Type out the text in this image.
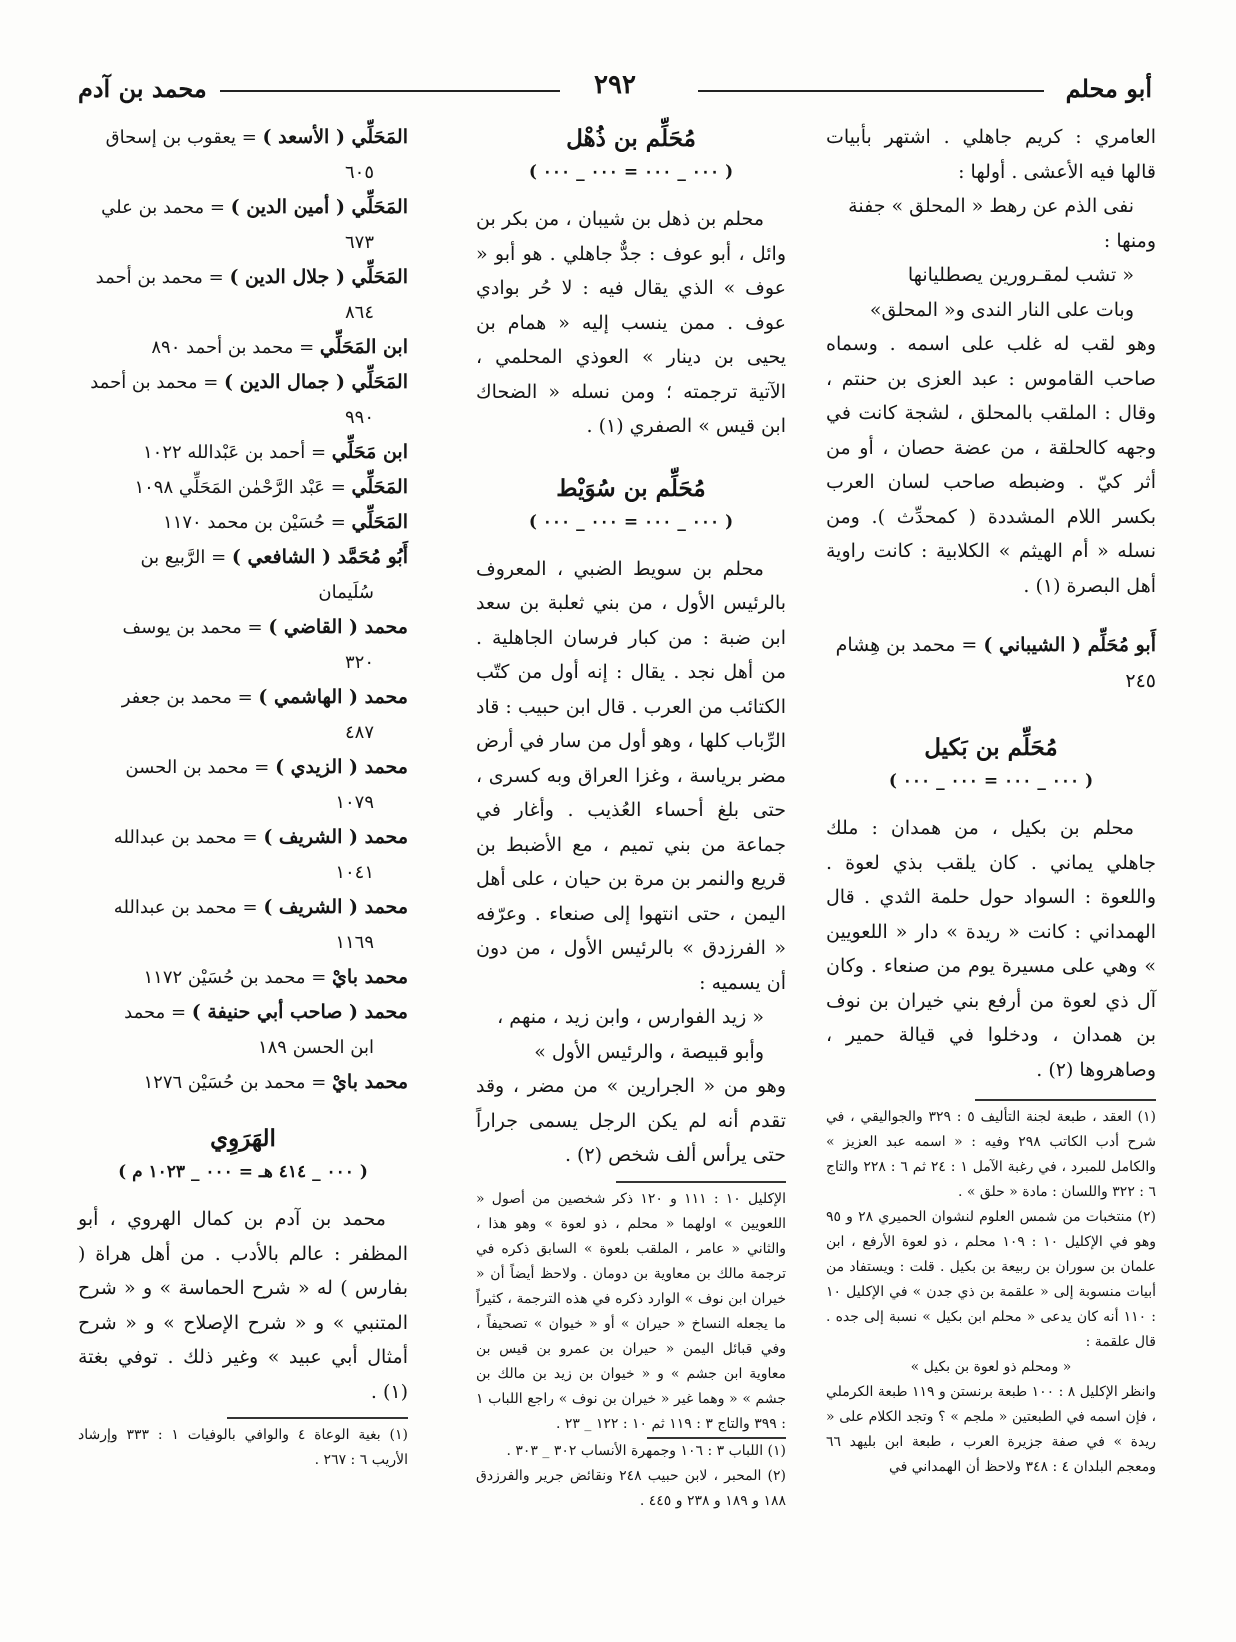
أبو محلم
٢٩٢
محمد بن آدم

العامري : كريم جاهلي . اشتهر بأبيات قالها فيه الأعشى . أولها :

نفى الذم عن رهط « المحلق » جفنة

ومنها :

« تشب لمقـرورين يصطليانها

وبات على النار الندى و« المحلق»

وهو لقب له غلب على اسمه . وسماه صاحب القاموس : عبد العزى بن حنتم ، وقال : الملقب بالمحلق ، لشجة كانت في وجهه كالحلقة ، من عضة حصان ، أو من أثر كيّ . وضبطه صاحب لسان العرب بكسر اللام المشددة ( كمحدِّث ). ومن نسله « أم الهيثم » الكلابية : كانت راوية أهل البصرة (١) .

أَبو مُحَلِّم ( الشيباني ) = محمد بن هِشام ٢٤٥

مُحَلِّم بن بَكيل

( ٠٠٠ _ ٠٠٠ = ٠٠٠ _ ٠٠٠ )

محلم بن بكيل ، من همدان : ملك جاهلي يماني . كان يلقب بذي لعوة . واللعوة : السواد حول حلمة الثدي . قال الهمداني : كانت « ريدة » دار « اللعويين » وهي على مسيرة يوم من صنعاء . وكان آل ذي لعوة من أرفع بني خيران بن نوف بن همدان ، ودخلوا في قيالة حمير ، وصاهروها (٢) .

(١) العقد ، طبعة لجنة التأليف ٥ : ٣٢٩ والجواليقي ، في شرح أدب الكاتب ٢٩٨ وفيه : « اسمه عبد العزيز » والكامل للمبرد ، في رغبة الآمل ١ : ٢٤ ثم ٦ : ٢٢٨ والتاج ٦ : ٣٢٢ واللسان : مادة « حلق » .

(٢) منتخبات من شمس العلوم لنشوان الحميري ٢٨ و ٩٥ وهو في الإكليل ١٠ : ١٠٩ محلم ، ذو لعوة الأرفع ، ابن علمان بن سوران بن ربيعة بن بكيل . قلت : ويستفاد من أبيات منسوبة إلى « علقمة بن ذي جدن » في الإكليل ١٠ : ١١٠ أنه كان يدعى « محلم ابن بكيل » نسبة إلى جده . قال علقمة :

« ومحلم ذو لعوة بن بكيل »

وانظر الإكليل ٨ : ١٠٠ طبعة برنستن و ١١٩ طبعة الكرملي ، فإن اسمه في الطبعتين « ملجم » ؟ وتجد الكلام على « ريدة » في صفة جزيرة العرب ، طبعة ابن بليهد ٦٦ ومعجم البلدان ٤ : ٣٤٨ ولاحظ أن الهمداني في

مُحَلِّم بن ذُهْل

( ٠٠٠ _ ٠٠٠ = ٠٠٠ _ ٠٠٠ )

محلم بن ذهل بن شيبان ، من بكر بن وائل ، أبو عوف : جدٌّ جاهلي . هو أبو « عوف » الذي يقال فيه : لا حُر بوادي عوف . ممن ينسب إليه « همام بن يحيى بن دينار » العوذي المحلمي ، الآتية ترجمته ؛ ومن نسله « الضحاك ابن قيس » الصفري (١) .

مُحَلِّم بن سُوَيْط

( ٠٠٠ _ ٠٠٠ = ٠٠٠ _ ٠٠٠ )

محلم بن سويط الضبي ، المعروف بالرئيس الأول ، من بني ثعلبة بن سعد ابن ضبة : من كبار فرسان الجاهلية . من أهل نجد . يقال : إنه أول من كتّب الكتائب من العرب . قال ابن حبيب : قاد الرِّباب كلها ، وهو أول من سار في أرض مضر برياسة ، وغزا العراق وبه كسرى ، حتى بلغ أحساء العُذيب . وأغار في جماعة من بني تميم ، مع الأضبط بن قريع والنمر بن مرة بن حيان ، على أهل اليمن ، حتى انتهوا إلى صنعاء . وعرّفه « الفرزدق » بالرئيس الأول ، من دون أن يسميه :

« زيد الفوارس ، وابن زيد ، منهم ،

وأبو قبيصة ، والرئيس الأول »

وهو من « الجرارين » من مضر ، وقد تقدم أنه لم يكن الرجل يسمى جراراً حتى يرأس ألف شخص (٢) .

الإكليل ١٠ : ١١١ و ١٢٠ ذكر شخصين من أصول « اللعويين » اولهما « محلم ، ذو لعوة » وهو هذا ، والثاني « عامر ، الملقب بلعوة » السابق ذكره في ترجمة مالك بن معاوية بن دومان . ولاحظ أيضاً أن « خيران ابن نوف » الوارد ذكره في هذه الترجمة ، كثيراً ما يجعله النساخ « حيران » أو « خيوان » تصحيفاً ، وفي قبائل اليمن « حيران بن عمرو بن قيس بن معاوية ابن جشم » و « خيوان بن زيد بن مالك بن جشم » « وهما غير « خيران بن نوف » راجع اللباب ١ : ٣٩٩ والتاج ٣ : ١١٩ ثم ١٠ : ١٢٢ _ ٢٣ .

(١) اللباب ٣ : ١٠٦ وجمهرة الأنساب ٣٠٢ _ ٣٠٣ .

(٢) المحبر ، لابن حبيب ٢٤٨ ونقائض جرير والفرزدق ١٨٨ و ١٨٩ و ٢٣٨ و ٤٤٥ .

المَحَلِّي ( الأسعد ) = يعقوب بن إسحاق
٦٠٥

المَحَلِّي ( أمين الدين ) = محمد بن علي
٦٧٣

المَحَلِّي ( جلال الدين ) = محمد بن أحمد
٨٦٤

ابن المَحَلِّي = محمد بن أحمد ٨٩٠

المَحَلِّي ( جمال الدين ) = محمد بن أحمد
٩٩٠

ابن مَحَلِّي = أحمد بن عَبْدالله ١٠٢٢

المَحَلِّي = عَبْد الرَّحْمٰن المَحَلِّي ١٠٩٨

المَحَلِّي = حُسَيْن بن محمد ١١٧٠

أَبُو مُحَمَّد ( الشافعي ) = الرَّبيع بن
سُلَيمان

محمد ( القاضي ) = محمد بن يوسف
٣٢٠

محمد ( الهاشمي ) = محمد بن جعفر
٤٨٧

محمد ( الزيدي ) = محمد بن الحسن
١٠٧٩

محمد ( الشريف ) = محمد بن عبدالله
١٠٤١

محمد ( الشريف ) = محمد بن عبدالله
١١٦٩

محمد بايْ = محمد بن حُسَيْن ١١٧٢

محمد ( صاحب أبي حنيفة ) = محمد
ابن الحسن ١٨٩

محمد بايْ = محمد بن حُسَيْن ١٢٧٦

الهَرَوِي

( ٠٠٠ _ ٤١٤ هـ = ٠٠٠ _ ١٠٢٣ م )

محمد بن آدم بن كمال الهروي ، أبو المظفر : عالم بالأدب . من أهل هراة ( بفارس ) له « شرح الحماسة » و « شرح المتنبي » و « شرح الإصلاح » و « شرح أمثال أبي عبيد » وغير ذلك . توفي بغتة (١) .

(١) بغية الوعاة ٤ والوافي بالوفيات ١ : ٣٣٣ وإرشاد الأريب ٦ : ٢٦٧ .
